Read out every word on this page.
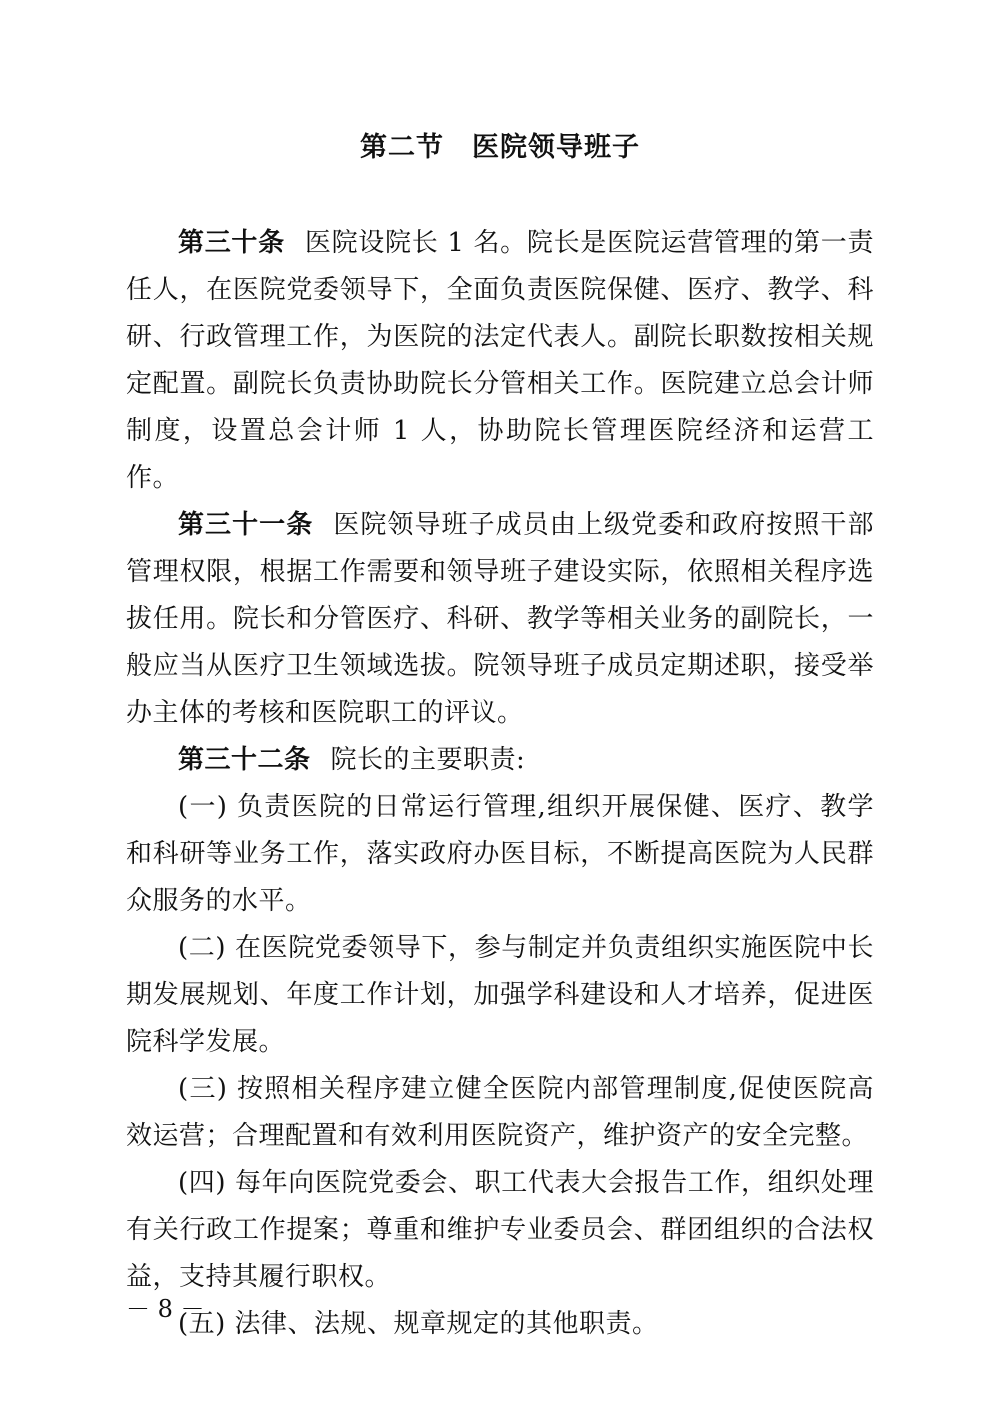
第二节　医院领导班子

第三十条 医院设院长 1 名。院长是医院运营管理的第一责任人，在医院党委领导下，全面负责医院保健、医疗、教学、科研、行政管理工作，为医院的法定代表人。副院长职数按相关规定配置。副院长负责协助院长分管相关工作。医院建立总会计师制度，设置总会计师 1 人，协助院长管理医院经济和运营工作。

第三十一条 医院领导班子成员由上级党委和政府按照干部管理权限，根据工作需要和领导班子建设实际，依照相关程序选拔任用。院长和分管医疗、科研、教学等相关业务的副院长，一般应当从医疗卫生领域选拔。院领导班子成员定期述职，接受举办主体的考核和医院职工的评议。

第三十二条 院长的主要职责:

(一) 负责医院的日常运行管理,组织开展保健、医疗、教学和科研等业务工作，落实政府办医目标，不断提高医院为人民群众服务的水平。

(二) 在医院党委领导下，参与制定并负责组织实施医院中长期发展规划、年度工作计划，加强学科建设和人才培养，促进医院科学发展。

(三) 按照相关程序建立健全医院内部管理制度,促使医院高效运营；合理配置和有效利用医院资产，维护资产的安全完整。

(四) 每年向医院党委会、职工代表大会报告工作，组织处理有关行政工作提案；尊重和维护专业委员会、群团组织的合法权益，支持其履行职权。

(五) 法律、法规、规章规定的其他职责。

－ 8 －
